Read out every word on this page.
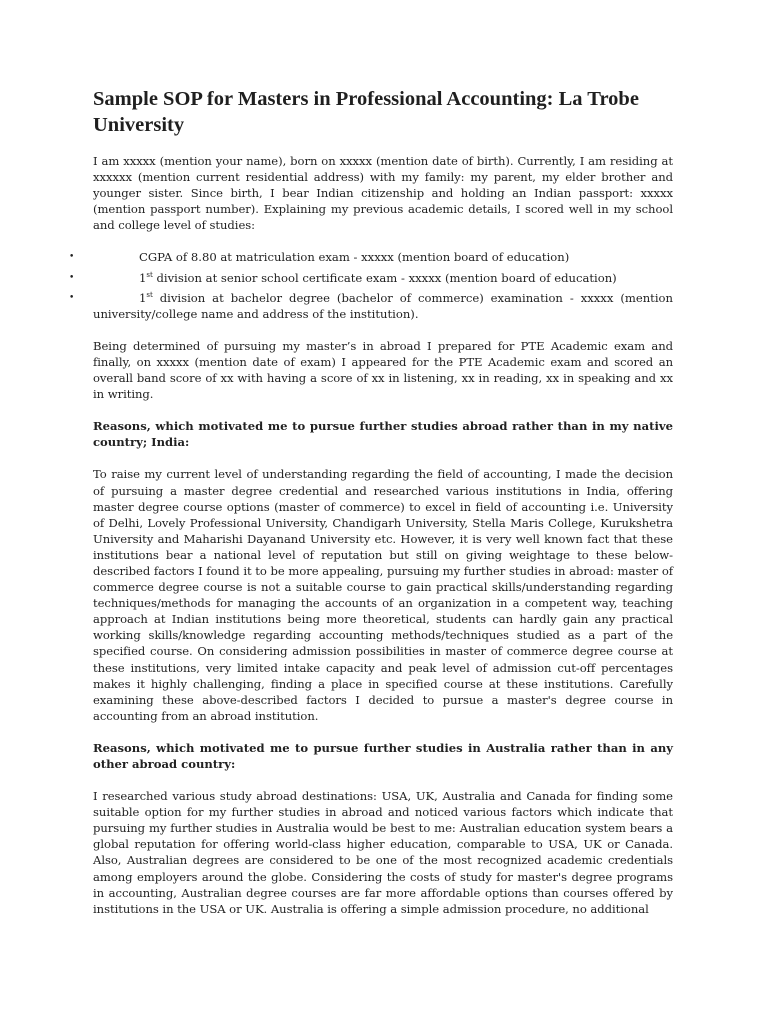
Sample SOP for Masters in Professional Accounting: La Trobe University

I am xxxxx (mention your name), born on xxxxx (mention date of birth). Currently, I am residing at xxxxxx (mention current residential address) with my family: my parent, my elder brother and younger sister. Since birth, I bear Indian citizenship and holding an Indian passport: xxxxx (mention passport number). Explaining my previous academic details, I scored well in my school and college level of studies:

•	CGPA of 8.80 at matriculation exam - xxxxx (mention board of education)
•	1st division at senior school certificate exam - xxxxx (mention board of education)
•	1st division at bachelor degree (bachelor of commerce) examination - xxxxx (mention university/college name and address of the institution).

Being determined of pursuing my master’s in abroad I prepared for PTE Academic exam and finally, on xxxxx (mention date of exam) I appeared for the PTE Academic exam and scored an overall band score of xx with having a score of xx in listening, xx in reading, xx in speaking and xx in writing.

Reasons, which motivated me to pursue further studies abroad rather than in my native country; India:

To raise my current level of understanding regarding the field of accounting, I made the decision of pursuing a master degree credential and researched various institutions in India, offering master degree course options (master of commerce) to excel in field of accounting i.e. University of Delhi, Lovely Professional University, Chandigarh University, Stella Maris College, Kurukshetra University and Maharishi Dayanand University etc. However, it is very well known fact that these institutions bear a national level of reputation but still on giving weightage to these below-described factors I found it to be more appealing, pursuing my further studies in abroad: master of commerce degree course is not a suitable course to gain practical skills/understanding regarding techniques/methods for managing the accounts of an organization in a competent way, teaching approach at Indian institutions being more theoretical, students can hardly gain any practical working skills/knowledge regarding accounting methods/techniques studied as a part of the specified course. On considering admission possibilities in master of commerce degree course at these institutions, very limited intake capacity and peak level of admission cut-off percentages makes it highly challenging, finding a place in specified course at these institutions. Carefully examining these above-described factors I decided to pursue a master's degree course in accounting from an abroad institution.

Reasons, which motivated me to pursue further studies in Australia rather than in any other abroad country:

I researched various study abroad destinations: USA, UK, Australia and Canada for finding some suitable option for my further studies in abroad and noticed various factors which indicate that pursuing my further studies in Australia would be best to me: Australian education system bears a global reputation for offering world-class higher education, comparable to USA, UK or Canada. Also, Australian degrees are considered to be one of the most recognized academic credentials among employers around the globe. Considering the costs of study for master's degree programs in accounting, Australian degree courses are far more affordable options than courses offered by institutions in the USA or UK. Australia is offering a simple admission procedure, no additional
